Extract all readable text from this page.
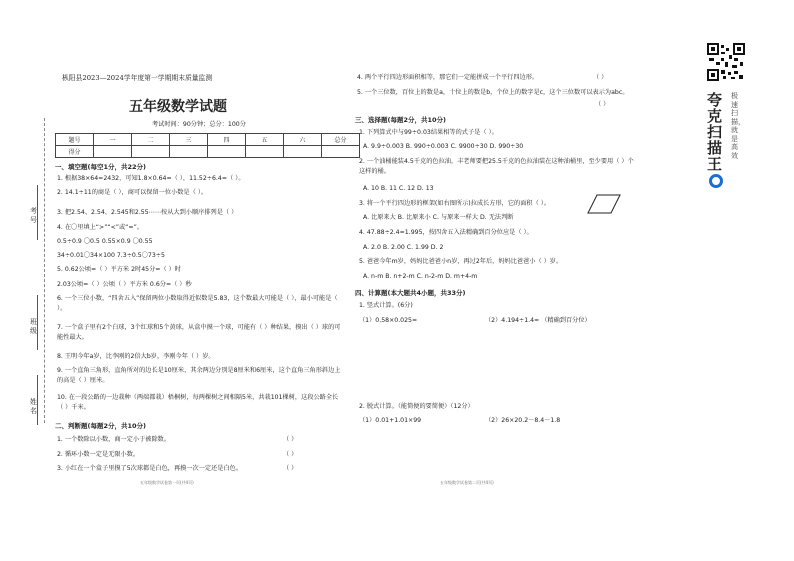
枞阳县2023—2024学年度第一学期期末质量监测
五年级数学试题
考试时间：90分钟；总分：100分
题号	一	二	三	四	五	六	总分
得分							
考号
班级
姓名
一、填空题(每空1分，共22分)
1. 根据38×64=2432，可知1.8×0.64=（ ），11.52÷6.4=（ ）。
2. 14.1÷11的商是（ ），商可以保留一位小数是（ ）。
3. 把2.54、2.54̇、2.545和2.55⋯⋯按从大到小顺序排列是（ ）
4. 在〇里填上“>”“<”或“=”。
0.5÷0.9 〇0.5 0.55×0.9 〇0.55
34÷0.01〇34×100 7.3÷0.5〇73÷5
5. 0.62公顷=（ ）平方米 2时45分=（ ）时
2.03公顷=（ ）公顷（ ）平方米 0.6分=（ ）秒
6. 一个三位小数，“四舍五入”保留两位小数取得近似数是5.83，这个数最大可能是（ ），最小可能是（ ）。
7. 一个盒子里有2个白球，3个红球和5个黄球，从盒中摸一个球，可能有（ ）种结果，摸出（ ）球的可能性最大。
8. 王明今年a岁，比李刚的2倍大b岁，李刚今年（ ）岁。
9. 一个直角三角形，直角所对的边长是10厘米，其余两边分别是8厘米和6厘米，这个直角三角形斜边上的高是（ ）厘米。
10. 在一段公路的一边栽种（两端都栽）梧桐树，每两棵树之间相隔5米，共栽101棵树，这段公路全长（ ）千米。
二、判断题(每题2分，共10分)
1. 一个数除以小数，商一定小于被除数。	（ ）
2. 循环小数一定是无限小数。	（ ）
3. 小红在一个盒子里摸了5次球都是白色，再摸一次一定还是白色。	（ ）
五年级数学试卷第一页(共4页)
4. 两个平行四边形面积相等，那它们一定能拼成一个平行四边形。	（ ）
5. 一个三位数，百位上的数是a，十位上的数是b，个位上的数字是c，这个三位数可以表示为abc。
（ ）
三、选择题(每题2分，共10分)
1. 下列算式中与99÷0.03结果相等的式子是（ ）。
A. 9.9÷0.003 B. 990÷0.003 C. 9900÷30 D. 990÷30
2. 一个油桶能装4.5千克的色拉油，丰老师要把25.5千克的色拉油装在这种油桶里，至少要用（ ）个这样的桶。
A. 10 B. 11 C. 12 D. 13
3. 将一个平行四边形的框架(如右图所示)拉成长方形，它的面积（ ）。
A. 比原来大 B. 比原来小 C. 与原来一样大 D. 无法判断
4. 47.88÷2.4=1.995，按四舍五入法精确到百分位应是（ ）。
A. 2.0 B. 2.00 C. 1.99 D. 2
5. 爸爸今年m岁，妈妈比爸爸小n岁，再过2年后，妈妈比爸爸小（ ）岁。
A. n-m B. n+2-m C. n-2-m D. m+4-m
四、计算题(本大题共4小题，共33分)
1. 竖式计算。(6分)
（1）0.58×0.025=	（2）4.194÷1.4≈ （精确到百分位）
2. 脱式计算。（能简便的要简便）（12分）
（1）0.01+1.01×99	（2）26×20.2－8.4－1.8
五年级数学试卷第二页(共4页)
夸克扫描王
极速扫描，就是高效
